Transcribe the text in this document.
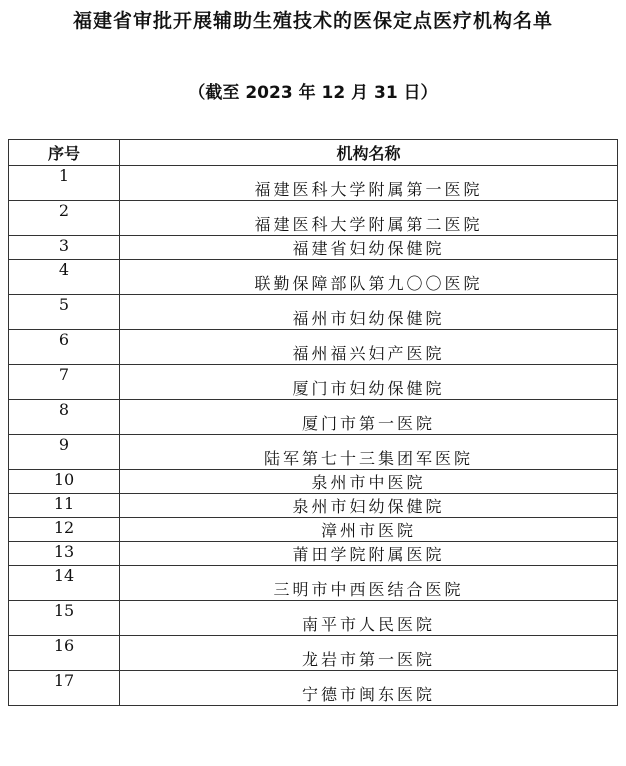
福建省审批开展辅助生殖技术的医保定点医疗机构名单
（截至 2023 年 12 月 31 日）
序号	机构名称
1	福建医科大学附属第一医院
2	福建医科大学附属第二医院
3	福建省妇幼保健院
4	联勤保障部队第九〇〇医院
5	福州市妇幼保健院
6	福州福兴妇产医院
7	厦门市妇幼保健院
8	厦门市第一医院
9	陆军第七十三集团军医院
10	泉州市中医院
11	泉州市妇幼保健院
12	漳州市医院
13	莆田学院附属医院
14	三明市中西医结合医院
15	南平市人民医院
16	龙岩市第一医院
17	宁德市闽东医院
